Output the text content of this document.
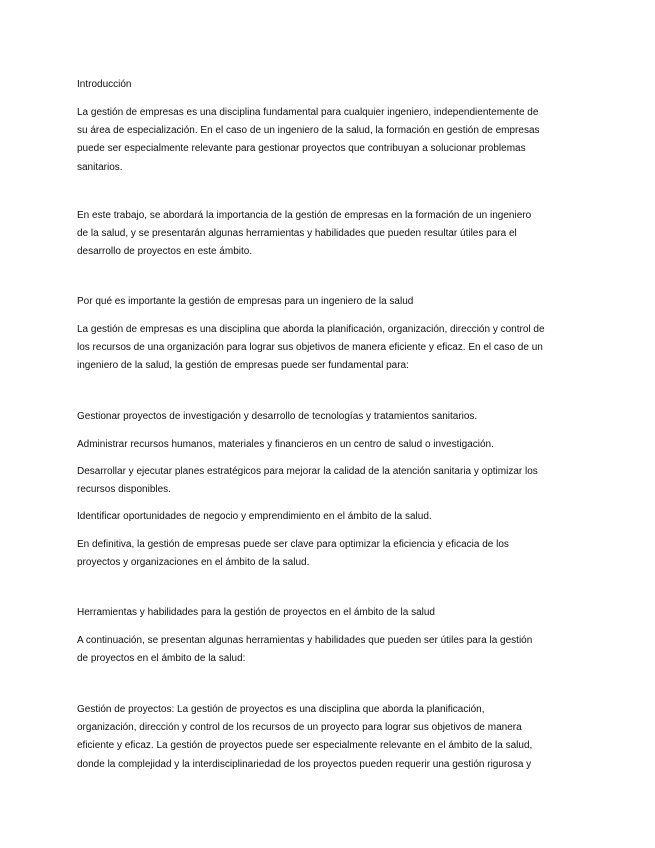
Introducción
La gestión de empresas es una disciplina fundamental para cualquier ingeniero, independientemente de
su área de especialización. En el caso de un ingeniero de la salud, la formación en gestión de empresas
puede ser especialmente relevante para gestionar proyectos que contribuyan a solucionar problemas
sanitarios.
En este trabajo, se abordará la importancia de la gestión de empresas en la formación de un ingeniero
de la salud, y se presentarán algunas herramientas y habilidades que pueden resultar útiles para el
desarrollo de proyectos en este ámbito.
Por qué es importante la gestión de empresas para un ingeniero de la salud
La gestión de empresas es una disciplina que aborda la planificación, organización, dirección y control de
los recursos de una organización para lograr sus objetivos de manera eficiente y eficaz. En el caso de un
ingeniero de la salud, la gestión de empresas puede ser fundamental para:
Gestionar proyectos de investigación y desarrollo de tecnologías y tratamientos sanitarios.
Administrar recursos humanos, materiales y financieros en un centro de salud o investigación.
Desarrollar y ejecutar planes estratégicos para mejorar la calidad de la atención sanitaria y optimizar los
recursos disponibles.
Identificar oportunidades de negocio y emprendimiento en el ámbito de la salud.
En definitiva, la gestión de empresas puede ser clave para optimizar la eficiencia y eficacia de los
proyectos y organizaciones en el ámbito de la salud.
Herramientas y habilidades para la gestión de proyectos en el ámbito de la salud
A continuación, se presentan algunas herramientas y habilidades que pueden ser útiles para la gestión
de proyectos en el ámbito de la salud:
Gestión de proyectos: La gestión de proyectos es una disciplina que aborda la planificación,
organización, dirección y control de los recursos de un proyecto para lograr sus objetivos de manera
eficiente y eficaz. La gestión de proyectos puede ser especialmente relevante en el ámbito de la salud,
donde la complejidad y la interdisciplinariedad de los proyectos pueden requerir una gestión rigurosa y
